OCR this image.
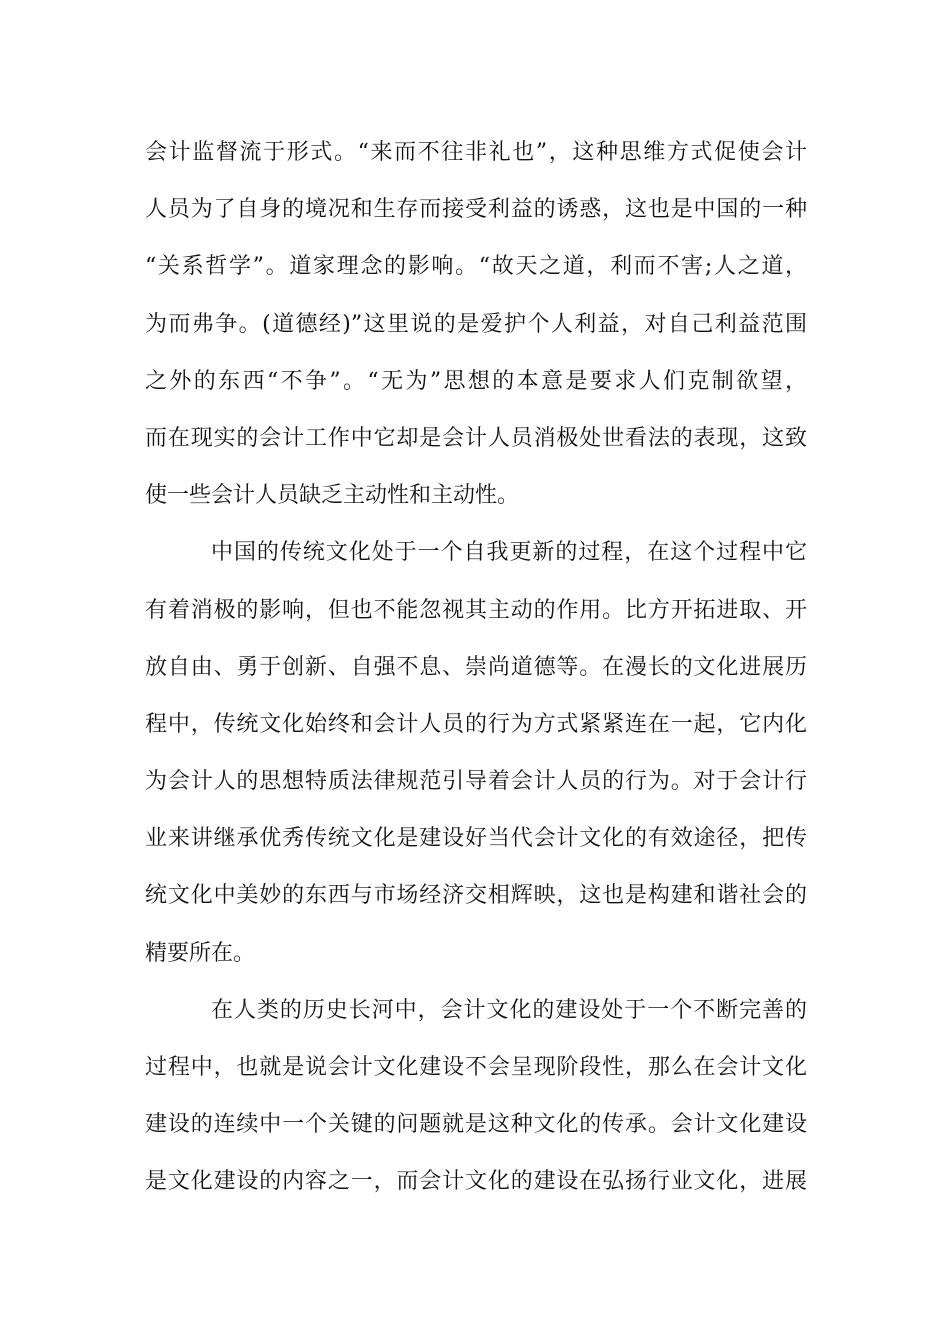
会计监督流于形式。“来而不往非礼也”，这种思维方式促使会计
人员为了自身的境况和生存而接受利益的诱惑，这也是中国的一种
“关系哲学”。道家理念的影响。“故天之道，利而不害;人之道，
为而弗争。(道德经)”这里说的是爱护个人利益，对自己利益范围
之外的东西“不争”。“无为”思想的本意是要求人们克制欲望，
而在现实的会计工作中它却是会计人员消极处世看法的表现，这致
使一些会计人员缺乏主动性和主动性。
中国的传统文化处于一个自我更新的过程，在这个过程中它
有着消极的影响，但也不能忽视其主动的作用。比方开拓进取、开
放自由、勇于创新、自强不息、崇尚道德等。在漫长的文化进展历
程中，传统文化始终和会计人员的行为方式紧紧连在一起，它内化
为会计人的思想特质法律规范引导着会计人员的行为。对于会计行
业来讲继承优秀传统文化是建设好当代会计文化的有效途径，把传
统文化中美妙的东西与市场经济交相辉映，这也是构建和谐社会的
精要所在。
在人类的历史长河中，会计文化的建设处于一个不断完善的
过程中，也就是说会计文化建设不会呈现阶段性，那么在会计文化
建设的连续中一个关键的问题就是这种文化的传承。会计文化建设
是文化建设的内容之一，而会计文化的建设在弘扬行业文化，进展
